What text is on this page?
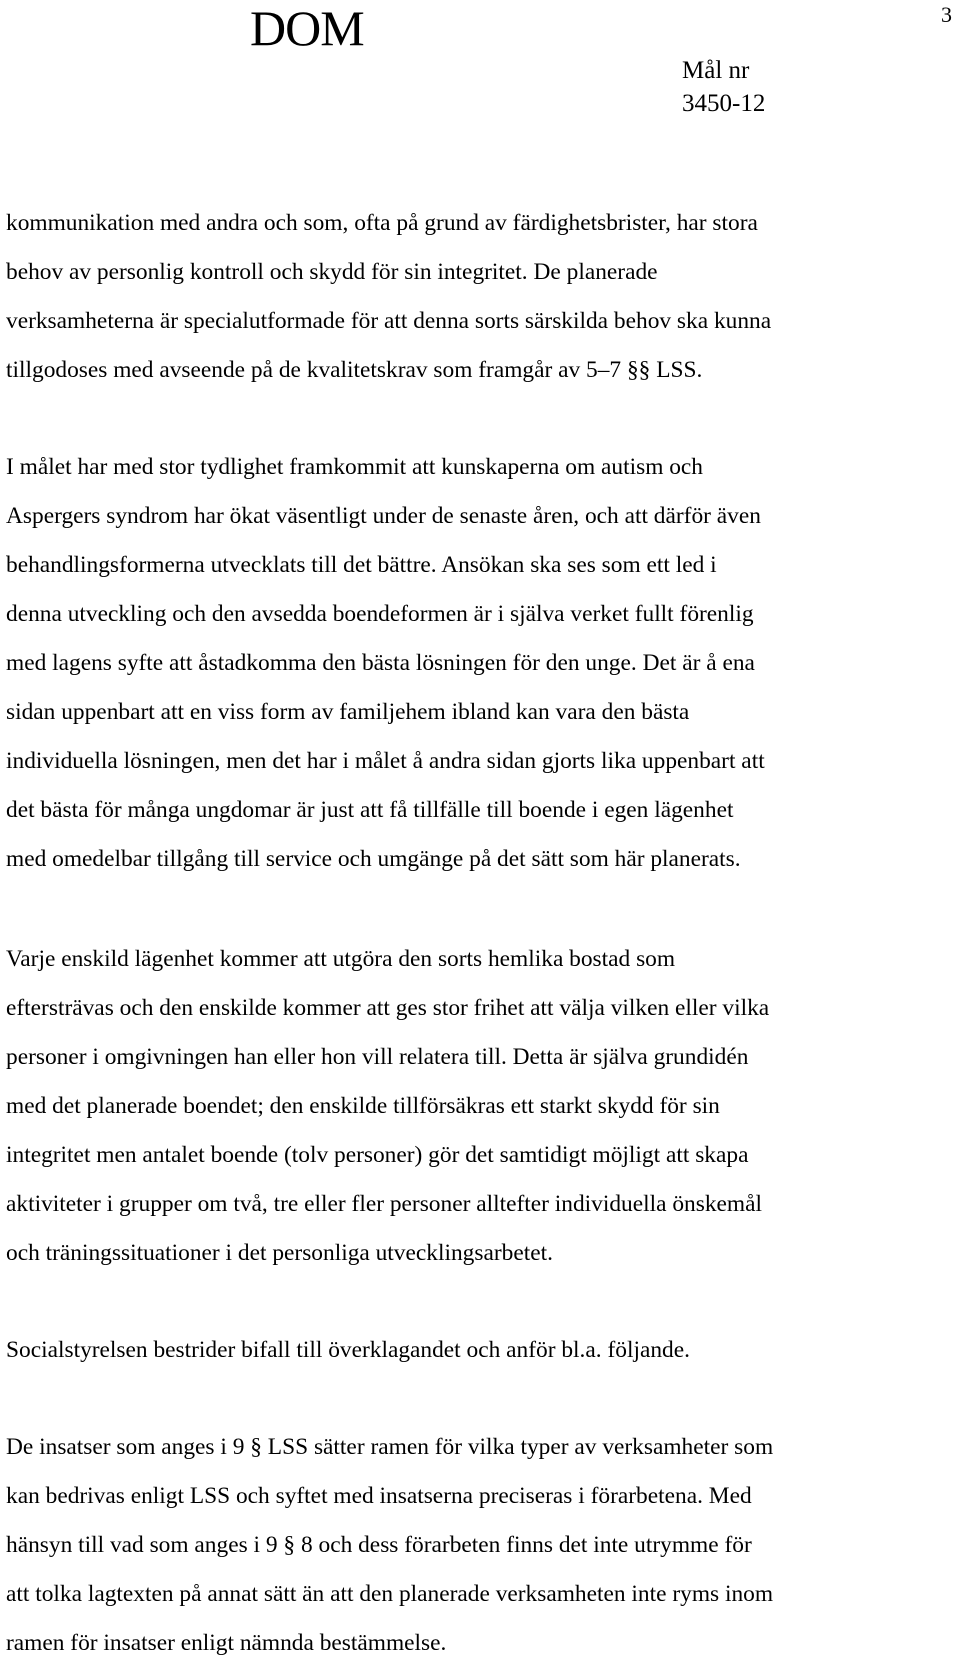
DOM	3
Mål nr
3450-12

kommunikation med andra och som, ofta på grund av färdighetsbrister, har stora
behov av personlig kontroll och skydd för sin integritet. De planerade
verksamheterna är specialutformade för att denna sorts särskilda behov ska kunna
tillgodoses med avseende på de kvalitetskrav som framgår av 5–7 §§ LSS.

I målet har med stor tydlighet framkommit att kunskaperna om autism och
Aspergers syndrom har ökat väsentligt under de senaste åren, och att därför även
behandlingsformerna utvecklats till det bättre. Ansökan ska ses som ett led i
denna utveckling och den avsedda boendeformen är i själva verket fullt förenlig
med lagens syfte att åstadkomma den bästa lösningen för den unge. Det är å ena
sidan uppenbart att en viss form av familjehem ibland kan vara den bästa
individuella lösningen, men det har i målet å andra sidan gjorts lika uppenbart att
det bästa för många ungdomar är just att få tillfälle till boende i egen lägenhet
med omedelbar tillgång till service och umgänge på det sätt som här planerats.

Varje enskild lägenhet kommer att utgöra den sorts hemlika bostad som
eftersträvas och den enskilde kommer att ges stor frihet att välja vilken eller vilka
personer i omgivningen han eller hon vill relatera till. Detta är själva grundidén
med det planerade boendet; den enskilde tillförsäkras ett starkt skydd för sin
integritet men antalet boende (tolv personer) gör det samtidigt möjligt att skapa
aktiviteter i grupper om två, tre eller fler personer alltefter individuella önskemål
och träningssituationer i det personliga utvecklingsarbetet.

Socialstyrelsen bestrider bifall till överklagandet och anför bl.a. följande.

De insatser som anges i 9 § LSS sätter ramen för vilka typer av verksamheter som
kan bedrivas enligt LSS och syftet med insatserna preciseras i förarbetena. Med
hänsyn till vad som anges i 9 § 8 och dess förarbeten finns det inte utrymme för
att tolka lagtexten på annat sätt än att den planerade verksamheten inte ryms inom
ramen för insatser enligt nämnda bestämmelse.
